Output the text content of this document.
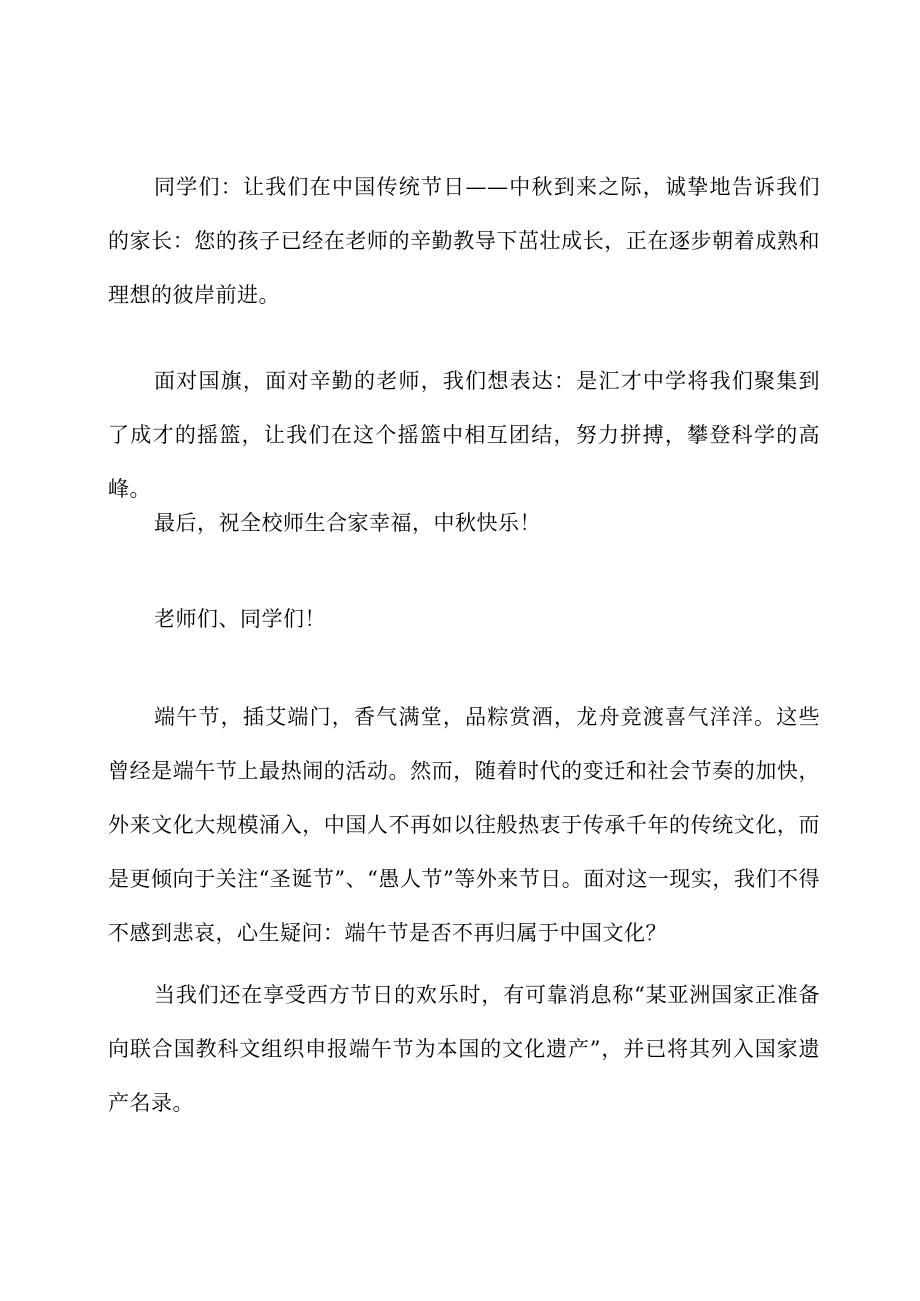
同学们：让我们在中国传统节日——中秋到来之际，诚挚地告诉我们的家长：您的孩子已经在老师的辛勤教导下茁壮成长，正在逐步朝着成熟和理想的彼岸前进。

面对国旗，面对辛勤的老师，我们想表达：是汇才中学将我们聚集到了成才的摇篮，让我们在这个摇篮中相互团结，努力拼搏，攀登科学的高峰。

最后，祝全校师生合家幸福，中秋快乐！

老师们、同学们！

端午节，插艾端门，香气满堂，品粽赏酒，龙舟竞渡喜气洋洋。这些曾经是端午节上最热闹的活动。然而，随着时代的变迁和社会节奏的加快，外来文化大规模涌入，中国人不再如以往般热衷于传承千年的传统文化，而是更倾向于关注“圣诞节”、“愚人节”等外来节日。面对这一现实，我们不得不感到悲哀，心生疑问：端午节是否不再归属于中国文化？

当我们还在享受西方节日的欢乐时，有可靠消息称“某亚洲国家正准备向联合国教科文组织申报端午节为本国的文化遗产”，并已将其列入国家遗产名录。
